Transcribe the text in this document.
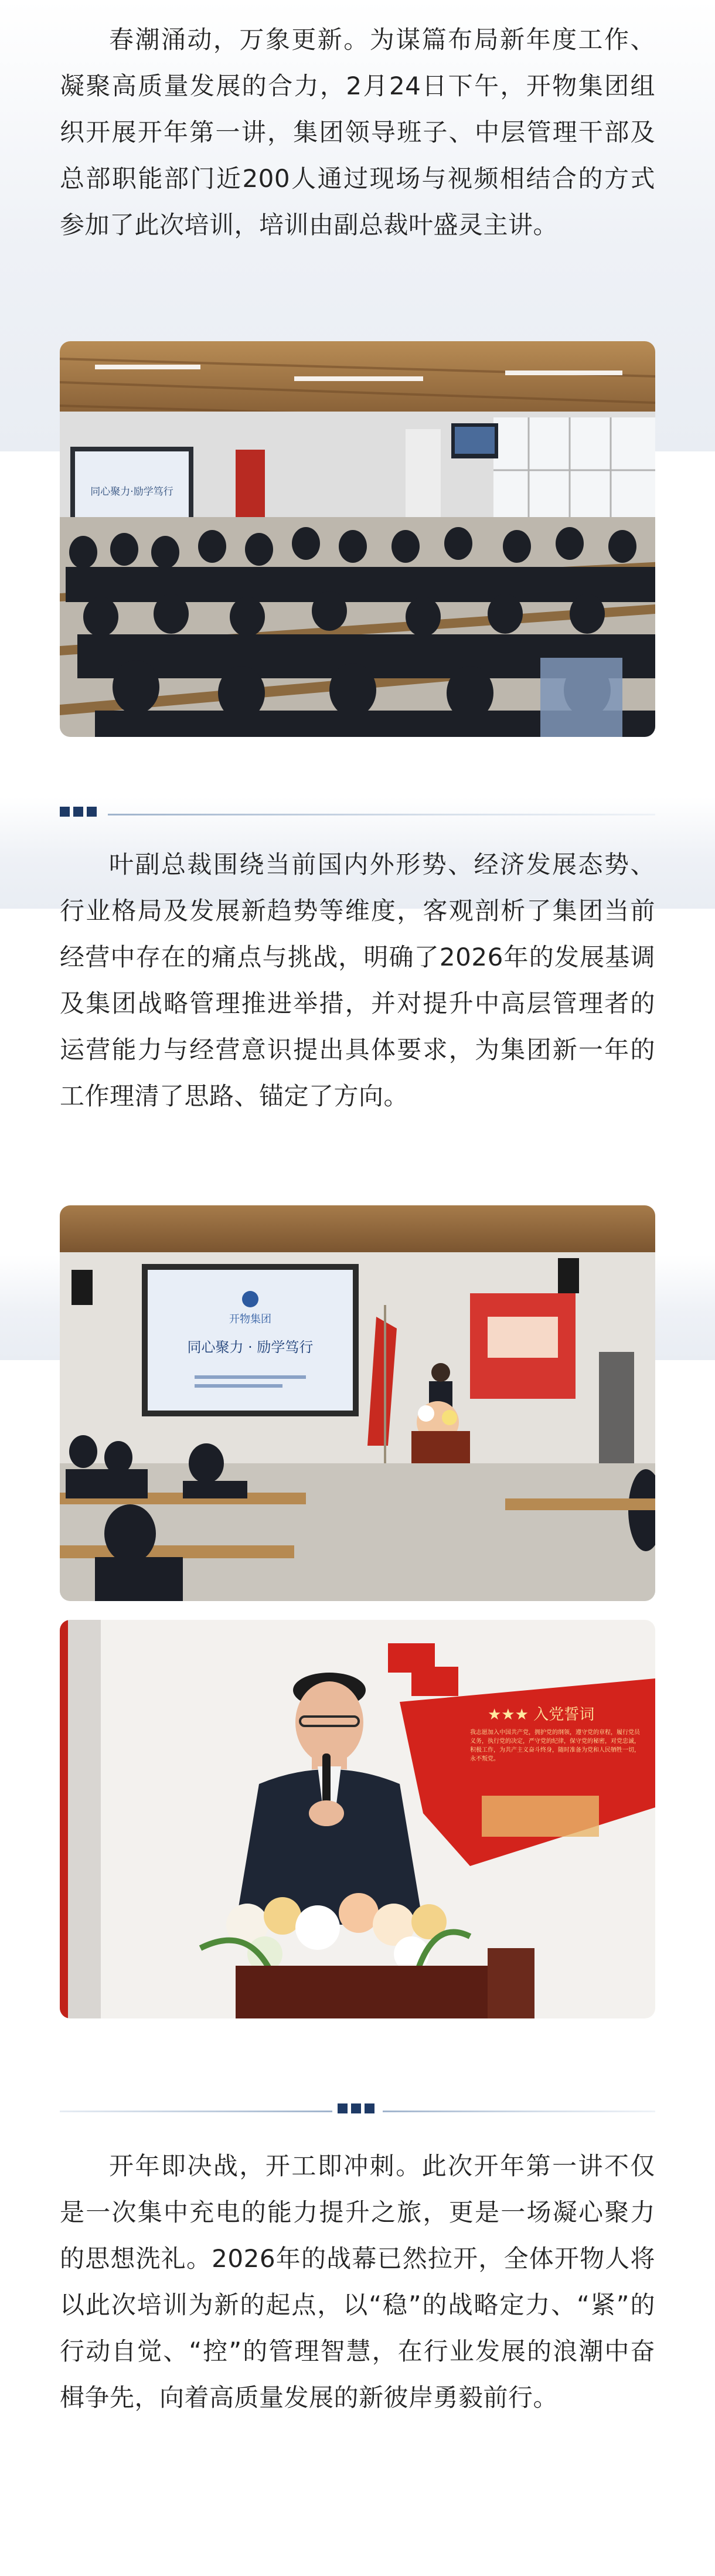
春潮涌动，万象更新。为谋篇布局新年度工作、凝聚高质量发展的合力，2月24日下午，开物集团组织开展开年第一讲，集团领导班子、中层管理干部及总部职能部门近200人通过现场与视频相结合的方式参加了此次培训，培训由副总裁叶盛灵主讲。

同心聚力·励学笃行

叶副总裁围绕当前国内外形势、经济发展态势、行业格局及发展新趋势等维度，客观剖析了集团当前经营中存在的痛点与挑战，明确了2026年的发展基调及集团战略管理推进举措，并对提升中高层管理者的运营能力与经营意识提出具体要求，为集团新一年的工作理清了思路、锚定了方向。

开物集团
同心聚力 · 励学笃行
★★★ 入党誓词
我志愿加入中国共产党，拥护党的纲领，遵守党的章程，履行党员义务，执行党的决定，严守党的纪律，保守党的秘密，对党忠诚，积极工作，为共产主义奋斗终身，随时准备为党和人民牺牲一切，永不叛党。

开年即决战，开工即冲刺。此次开年第一讲不仅是一次集中充电的能力提升之旅，更是一场凝心聚力的思想洗礼。2026年的战幕已然拉开，全体开物人将以此次培训为新的起点，以“稳”的战略定力、“紧”的行动自觉、“控”的管理智慧，在行业发展的浪潮中奋楫争先，向着高质量发展的新彼岸勇毅前行。
